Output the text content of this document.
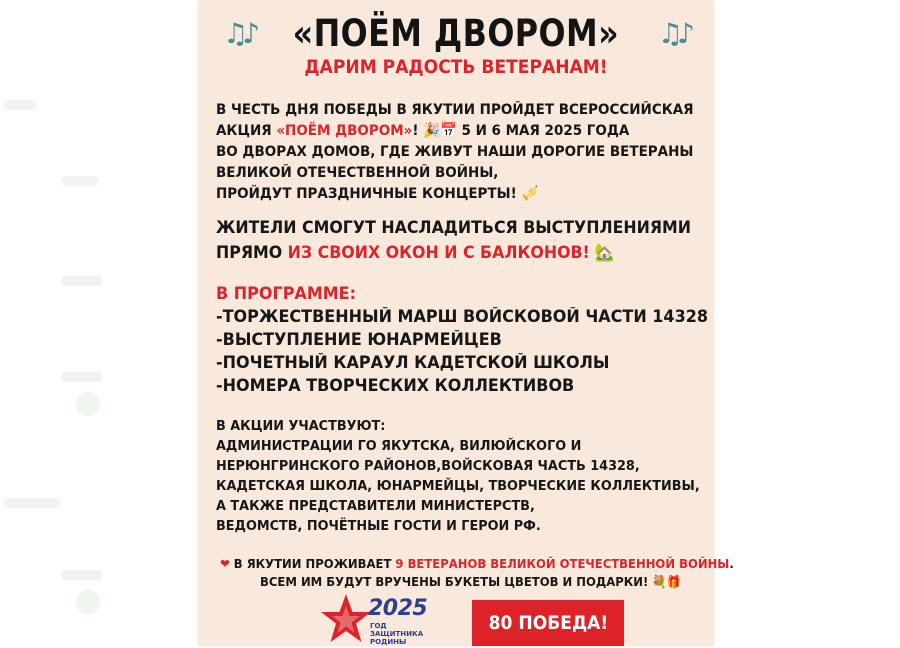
♫♪ «ПОЁМ ДВОРОМ» ♫♪
ДАРИМ РАДОСТЬ ВЕТЕРАНАМ!
В ЧЕСТЬ ДНЯ ПОБЕДЫ В ЯКУТИИ ПРОЙДЕТ ВСЕРОССИЙСКАЯ
АКЦИЯ «ПОЁМ ДВОРОМ»! 🎉📅 5 И 6 МАЯ 2025 ГОДА
ВО ДВОРАХ ДОМОВ, ГДЕ ЖИВУТ НАШИ ДОРОГИЕ ВЕТЕРАНЫ
ВЕЛИКОЙ ОТЕЧЕСТВЕННОЙ ВОЙНЫ,
ПРОЙДУТ ПРАЗДНИЧНЫЕ КОНЦЕРТЫ! 🎺
ЖИТЕЛИ СМОГУТ НАСЛАДИТЬСЯ ВЫСТУПЛЕНИЯМИ
ПРЯМО ИЗ СВОИХ ОКОН И С БАЛКОНОВ! 🏡
В ПРОГРАММЕ:
-ТОРЖЕСТВЕННЫЙ МАРШ ВОЙСКОВОЙ ЧАСТИ 14328
-ВЫСТУПЛЕНИЕ ЮНАРМЕЙЦЕВ
-ПОЧЕТНЫЙ КАРАУЛ КАДЕТСКОЙ ШКОЛЫ
-НОМЕРА ТВОРЧЕСКИХ КОЛЛЕКТИВОВ
В АКЦИИ УЧАСТВУЮТ:
АДМИНИСТРАЦИИ ГО ЯКУТСКА, ВИЛЮЙСКОГО И
НЕРЮНГРИНСКОГО РАЙОНОВ,ВОЙСКОВАЯ ЧАСТЬ 14328,
КАДЕТСКАЯ ШКОЛА, ЮНАРМЕЙЦЫ, ТВОРЧЕСКИЕ КОЛЛЕКТИВЫ,
А ТАКЖЕ ПРЕДСТАВИТЕЛИ МИНИСТЕРСТВ,
ВЕДОМСТВ, ПОЧЁТНЫЕ ГОСТИ И ГЕРОИ РФ.
❤ В ЯКУТИИ ПРОЖИВАЕТ 9 ВЕТЕРАНОВ ВЕЛИКОЙ ОТЕЧЕСТВЕННОЙ ВОЙНЫ.
ВСЕМ ИМ БУДУТ ВРУЧЕНЫ БУКЕТЫ ЦВЕТОВ И ПОДАРКИ! 💐🎁
2025
ГОД ЗАЩИТНИКА РОДИНЫ
80 ПОБЕДА!
